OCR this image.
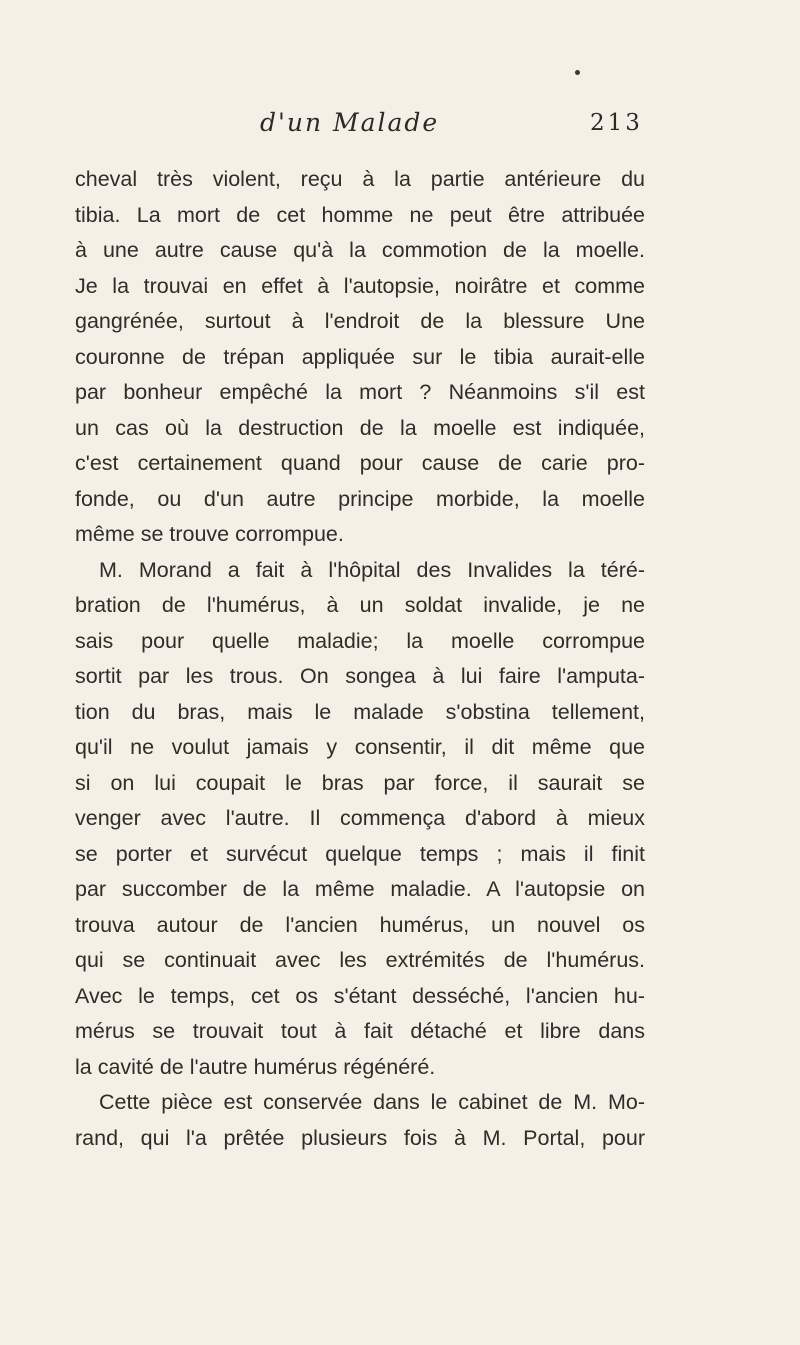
d'un Malade	213
cheval très violent, reçu à la partie antérieure du
tibia. La mort de cet homme ne peut être attribuée
à une autre cause qu'à la commotion de la moelle.
Je la trouvai en effet à l'autopsie, noirâtre et comme
gangrénée, surtout à l'endroit de la blessure Une
couronne de trépan appliquée sur le tibia aurait-elle
par bonheur empêché la mort ? Néanmoins s'il est
un cas où la destruction de la moelle est indiquée,
c'est certainement quand pour cause de carie pro-
fonde, ou d'un autre principe morbide, la moelle
même se trouve corrompue.
M. Morand a fait à l'hôpital des Invalides la téré-
bration de l'humérus, à un soldat invalide, je ne
sais pour quelle maladie; la moelle corrompue
sortit par les trous. On songea à lui faire l'amputa-
tion du bras, mais le malade s'obstina tellement,
qu'il ne voulut jamais y consentir, il dit même que
si on lui coupait le bras par force, il saurait se
venger avec l'autre. Il commença d'abord à mieux
se porter et survécut quelque temps ; mais il finit
par succomber de la même maladie. A l'autopsie on
trouva autour de l'ancien humérus, un nouvel os
qui se continuait avec les extrémités de l'humérus.
Avec le temps, cet os s'étant desséché, l'ancien hu-
mérus se trouvait tout à fait détaché et libre dans
la cavité de l'autre humérus régénéré.
Cette pièce est conservée dans le cabinet de M. Mo-
rand, qui l'a prêtée plusieurs fois à M. Portal, pour
